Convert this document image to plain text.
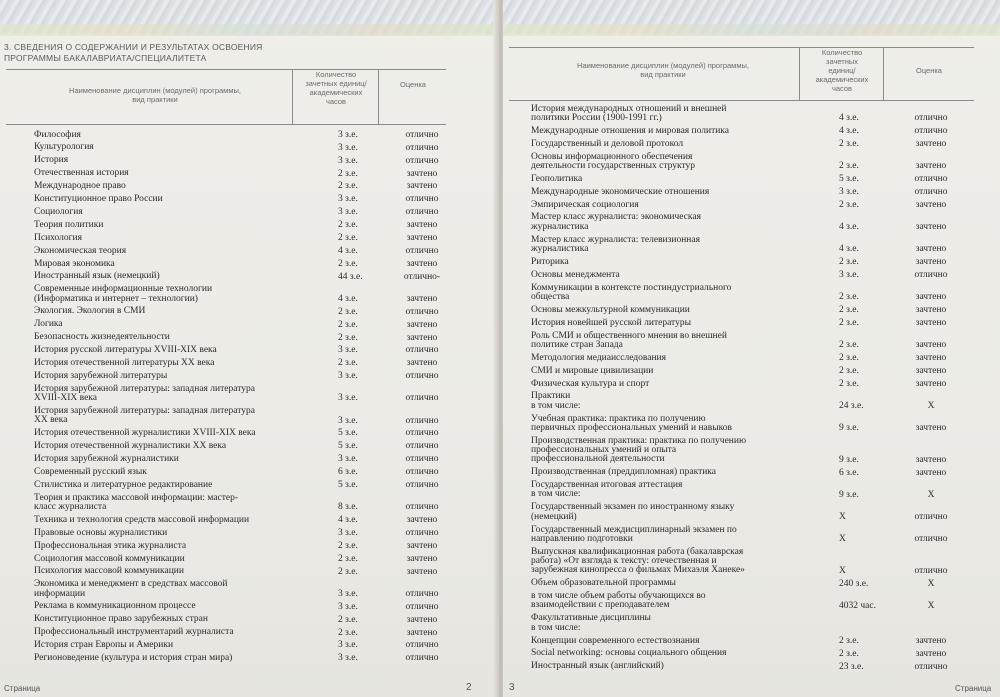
3. СВЕДЕНИЯ О СОДЕРЖАНИИ И РЕЗУЛЬТАТАХ ОСВОЕНИЯ
ПРОГРАММЫ БАКАЛАВРИАТА/СПЕЦИАЛИТЕТА
Наименование дисциплин (модулей) программы,
вид практики
Количество
зачетных единиц/
академических
часов
Оценка
Философия	3 з.е.	отлично
Культурология	3 з.е.	отлично
История	3 з.е.	отлично
Отечественная история	2 з.е.	зачтено
Международное право	2 з.е.	зачтено
Конституционное право России	3 з.е.	отлично
Социология	3 з.е.	отлично
Теория политики	2 з.е.	зачтено
Психология	2 з.е.	зачтено
Экономическая теория	4 з.е.	отлично
Мировая экономика	2 з.е.	зачтено
Иностранный язык (немецкий)	44 з.е.	отлично-
Современные информационные технологии
(Информатика и интернет – технологии)	4 з.е.	зачтено
Экология. Экология в СМИ	2 з.е.	отлично
Логика	2 з.е.	зачтено
Безопасность жизнедеятельности	2 з.е.	зачтено
История русской литературы XVIII-XIX века	3 з.е.	отлично
История отечественной литературы XX века	2 з.е.	зачтено
История зарубежной литературы	3 з.е.	отлично
История зарубежной литературы: западная литература
XVIII-XIX века	3 з.е.	отлично
История зарубежной литературы: западная литература
XX века	3 з.е.	отлично
История отечественной журналистики XVIII-XIX века	5 з.е.	отлично
История отечественной журналистики XX века	5 з.е.	отлично
История зарубежной журналистики	3 з.е.	отлично
Современный русский язык	6 з.е.	отлично
Стилистика и литературное редактирование	5 з.е.	отлично
Теория и практика массовой информации: мастер-
класс журналиста	8 з.е.	отлично
Техника и технология средств массовой информации	4 з.е.	зачтено
Правовые основы журналистики	3 з.е.	отлично
Профессиональная этика журналиста	2 з.е.	зачтено
Социология массовой коммуникации	2 з.е.	зачтено
Психология массовой коммуникации	2 з.е.	зачтено
Экономика и менеджмент в средствах массовой
информации	3 з.е.	отлично
Реклама в коммуникационном процессе	3 з.е.	отлично
Конституционное право зарубежных стран	2 з.е.	зачтено
Профессиональный инструментарий журналиста	2 з.е.	зачтено
История стран Европы и Америки	3 з.е.	отлично
Регионоведение (культура и история стран мира)	3 з.е.	отлично
Страница	2
Наименование дисциплин (модулей) программы,
вид практики
Количество
зачетных
единиц/
академических
часов
Оценка
История международных отношений и внешней
политики России (1900-1991 гг.)	4 з.е.	отлично
Международные отношения и мировая политика	4 з.е.	отлично
Государственный и деловой протокол	2 з.е.	зачтено
Основы информационного обеспечения
деятельности государственных структур	2 з.е.	зачтено
Геополитика	5 з.е.	отлично
Международные экономические отношения	3 з.е.	отлично
Эмпирическая социология	2 з.е.	зачтено
Мастер класс журналиста: экономическая
журналистика	4 з.е.	зачтено
Мастер класс журналиста: телевизионная
журналистика	4 з.е.	зачтено
Риторика	2 з.е.	зачтено
Основы менеджмента	3 з.е.	отлично
Коммуникации в контексте постиндустриального
общества	2 з.е.	зачтено
Основы межкультурной коммуникации	2 з.е.	зачтено
История новейшей русской литературы	2 з.е.	зачтено
Роль СМИ и общественного мнения во внешней
политике стран Запада	2 з.е.	зачтено
Методология медиаисследования	2 з.е.	зачтено
СМИ и мировые цивилизации	2 з.е.	зачтено
Физическая культура и спорт	2 з.е.	зачтено
Практики
в том числе:	24 з.е.	X
Учебная практика: практика по получению
первичных профессиональных умений и навыков	9 з.е.	зачтено
Производственная практика: практика по получению
профессиональных умений и опыта
профессиональной деятельности	9 з.е.	зачтено
Производственная (преддипломная) практика	6 з.е.	зачтено
Государственная итоговая аттестация
в том числе:	9 з.е.	X
Государственный экзамен по иностранному языку
(немецкий)	X	отлично
Государственный междисциплинарный экзамен по
направлению подготовки	X	отлично
Выпускная квалификационная работа (бакалаврская
работа) «От взгляда к тексту: отечественная и
зарубежная кинопресса о фильмах Михаэля Ханеке»	X	отлично
Объем образовательной программы	240 з.е.	X
в том числе объем работы обучающихся во
взаимодействии с преподавателем	4032 час.	X
Факультативные дисциплины
в том числе:
Концепции современного естествознания	2 з.е.	зачтено
Social networking: основы социального общения	2 з.е.	зачтено
Иностранный язык (английский)	23 з.е.	отлично
3	Страница
